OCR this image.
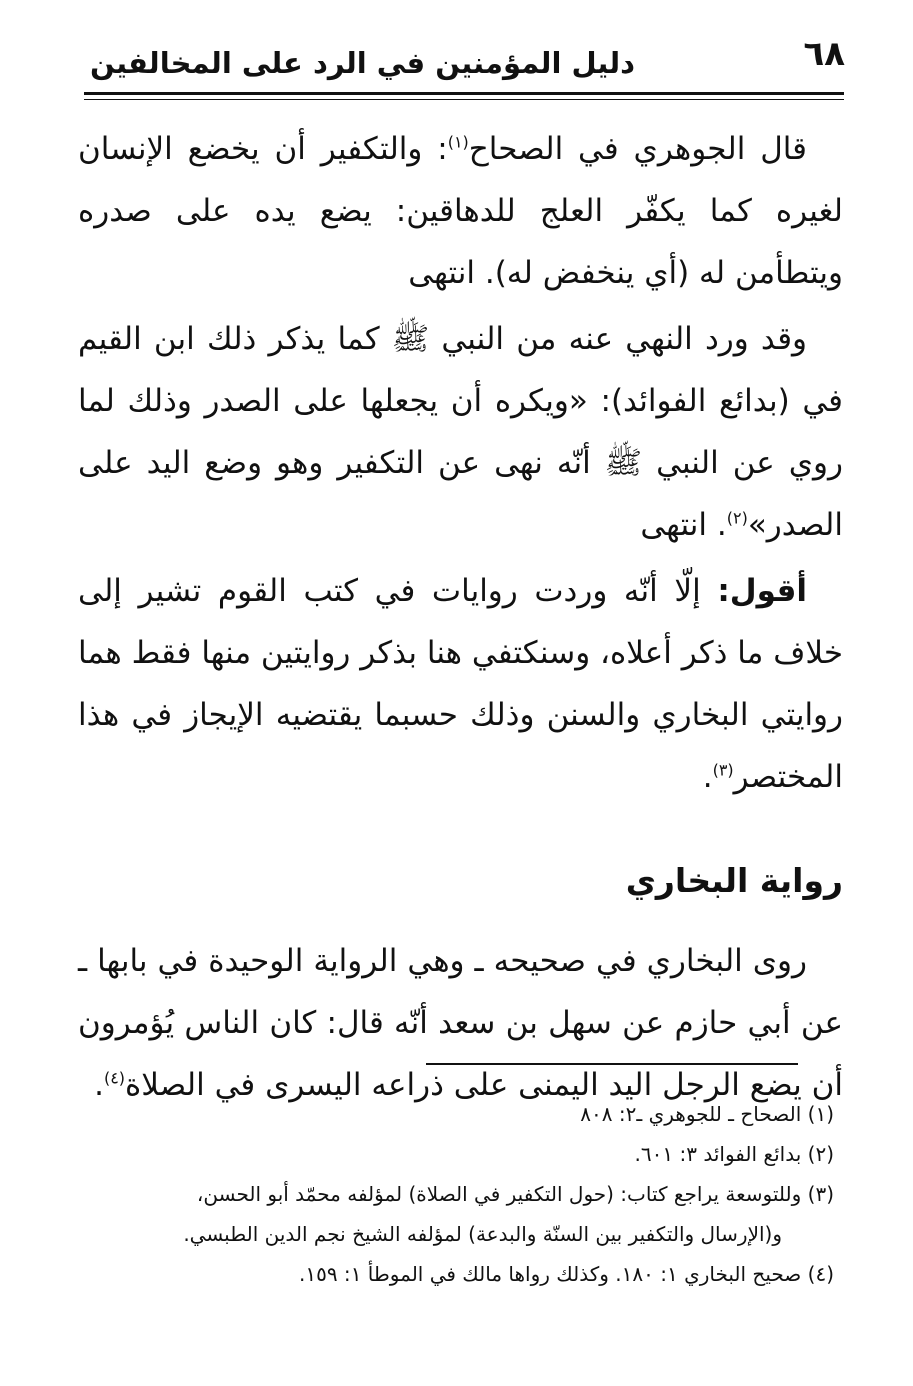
٦٨
دليل المؤمنين في الرد على المخالفين

قال الجوهري في الصحاح$^{(١)}$: والتكفير أن يخضع الإنسان لغيره كما يكفّر العلج للدهاقين: يضع يده على صدره ويتطأمن له (أي ينخفض له). انتهى

وقد ورد النهي عنه من النبي ﷺ كما يذكر ذلك ابن القيم في (بدائع الفوائد): «ويكره أن يجعلها على الصدر وذلك لما روي عن النبي ﷺ أنّه نهى عن التكفير وهو وضع اليد على الصدر»$^{(٢)}$. انتهى

أقول: إلّا أنّه وردت روايات في كتب القوم تشير إلى خلاف ما ذكر أعلاه، وسنكتفي هنا بذكر روايتين منها فقط هما روايتي البخاري والسنن وذلك حسبما يقتضيه الإيجاز في هذا المختصر$^{(٣)}$.

رواية البخاري

روى البخاري في صحيحه ـ وهي الرواية الوحيدة في بابها ـ عن أبي حازم عن سهل بن سعد أنّه قال: كان الناس يُؤمرون أن يضع الرجل اليد اليمنى على ذراعه اليسرى في الصلاة$^{(٤)}$.

(١) الصحاح ـ للجوهري ـ٢: ٨٠٨

(٢) بدائع الفوائد ٣: ٦٠١.

(٣) وللتوسعة يراجع كتاب: (حول التكفير في الصلاة) لمؤلفه محمّد أبو الحسن،

و(الإرسال والتكفير بين السنّة والبدعة) لمؤلفه الشيخ نجم الدين الطبسي.

(٤) صحيح البخاري ١: ١٨٠. وكذلك رواها مالك في الموطأ ١: ١٥٩.
